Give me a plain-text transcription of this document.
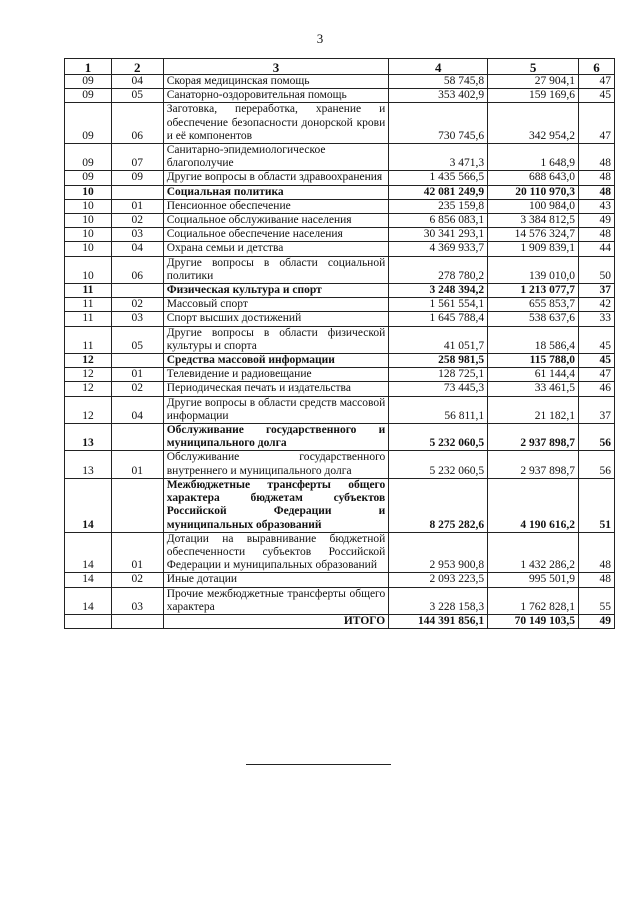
3
1	2	3	4	5	6
09	04	Скорая медицинская помощь	58 745,8	27 904,1	47
09	05	Санаторно-оздоровительная помощь	353 402,9	159 169,6	45
09	06	Заготовка, переработка, хранение и обеспечение безопасности донорской крови и её компонентов	730 745,6	342 954,2	47
09	07	Санитарно-эпидемиологическое благополучие	3 471,3	1 648,9	48
09	09	Другие вопросы в области здравоохранения	1 435 566,5	688 643,0	48
10		Социальная политика	42 081 249,9	20 110 970,3	48
10	01	Пенсионное обеспечение	235 159,8	100 984,0	43
10	02	Социальное обслуживание населения	6 856 083,1	3 384 812,5	49
10	03	Социальное обеспечение населения	30 341 293,1	14 576 324,7	48
10	04	Охрана семьи и детства	4 369 933,7	1 909 839,1	44
10	06	Другие вопросы в области социальной политики	278 780,2	139 010,0	50
11		Физическая культура и спорт	3 248 394,2	1 213 077,7	37
11	02	Массовый спорт	1 561 554,1	655 853,7	42
11	03	Спорт высших достижений	1 645 788,4	538 637,6	33
11	05	Другие вопросы в области физической культуры и спорта	41 051,7	18 586,4	45
12		Средства массовой информации	258 981,5	115 788,0	45
12	01	Телевидение и радиовещание	128 725,1	61 144,4	47
12	02	Периодическая печать и издательства	73 445,3	33 461,5	46
12	04	Другие вопросы в области средств массовой информации	56 811,1	21 182,1	37
13		Обслуживание государственного и муниципального долга	5 232 060,5	2 937 898,7	56
13	01	Обслуживание государственного внутреннего и муниципального долга	5 232 060,5	2 937 898,7	56
14		Межбюджетные трансферты общего характера бюджетам субъектов Российской Федерации и муниципальных образований	8 275 282,6	4 190 616,2	51
14	01	Дотации на выравнивание бюджетной обеспеченности субъектов Российской Федерации и муниципальных образований	2 953 900,8	1 432 286,2	48
14	02	Иные дотации	2 093 223,5	995 501,9	48
14	03	Прочие межбюджетные трансферты общего характера	3 228 158,3	1 762 828,1	55
		ИТОГО	144 391 856,1	70 149 103,5	49
